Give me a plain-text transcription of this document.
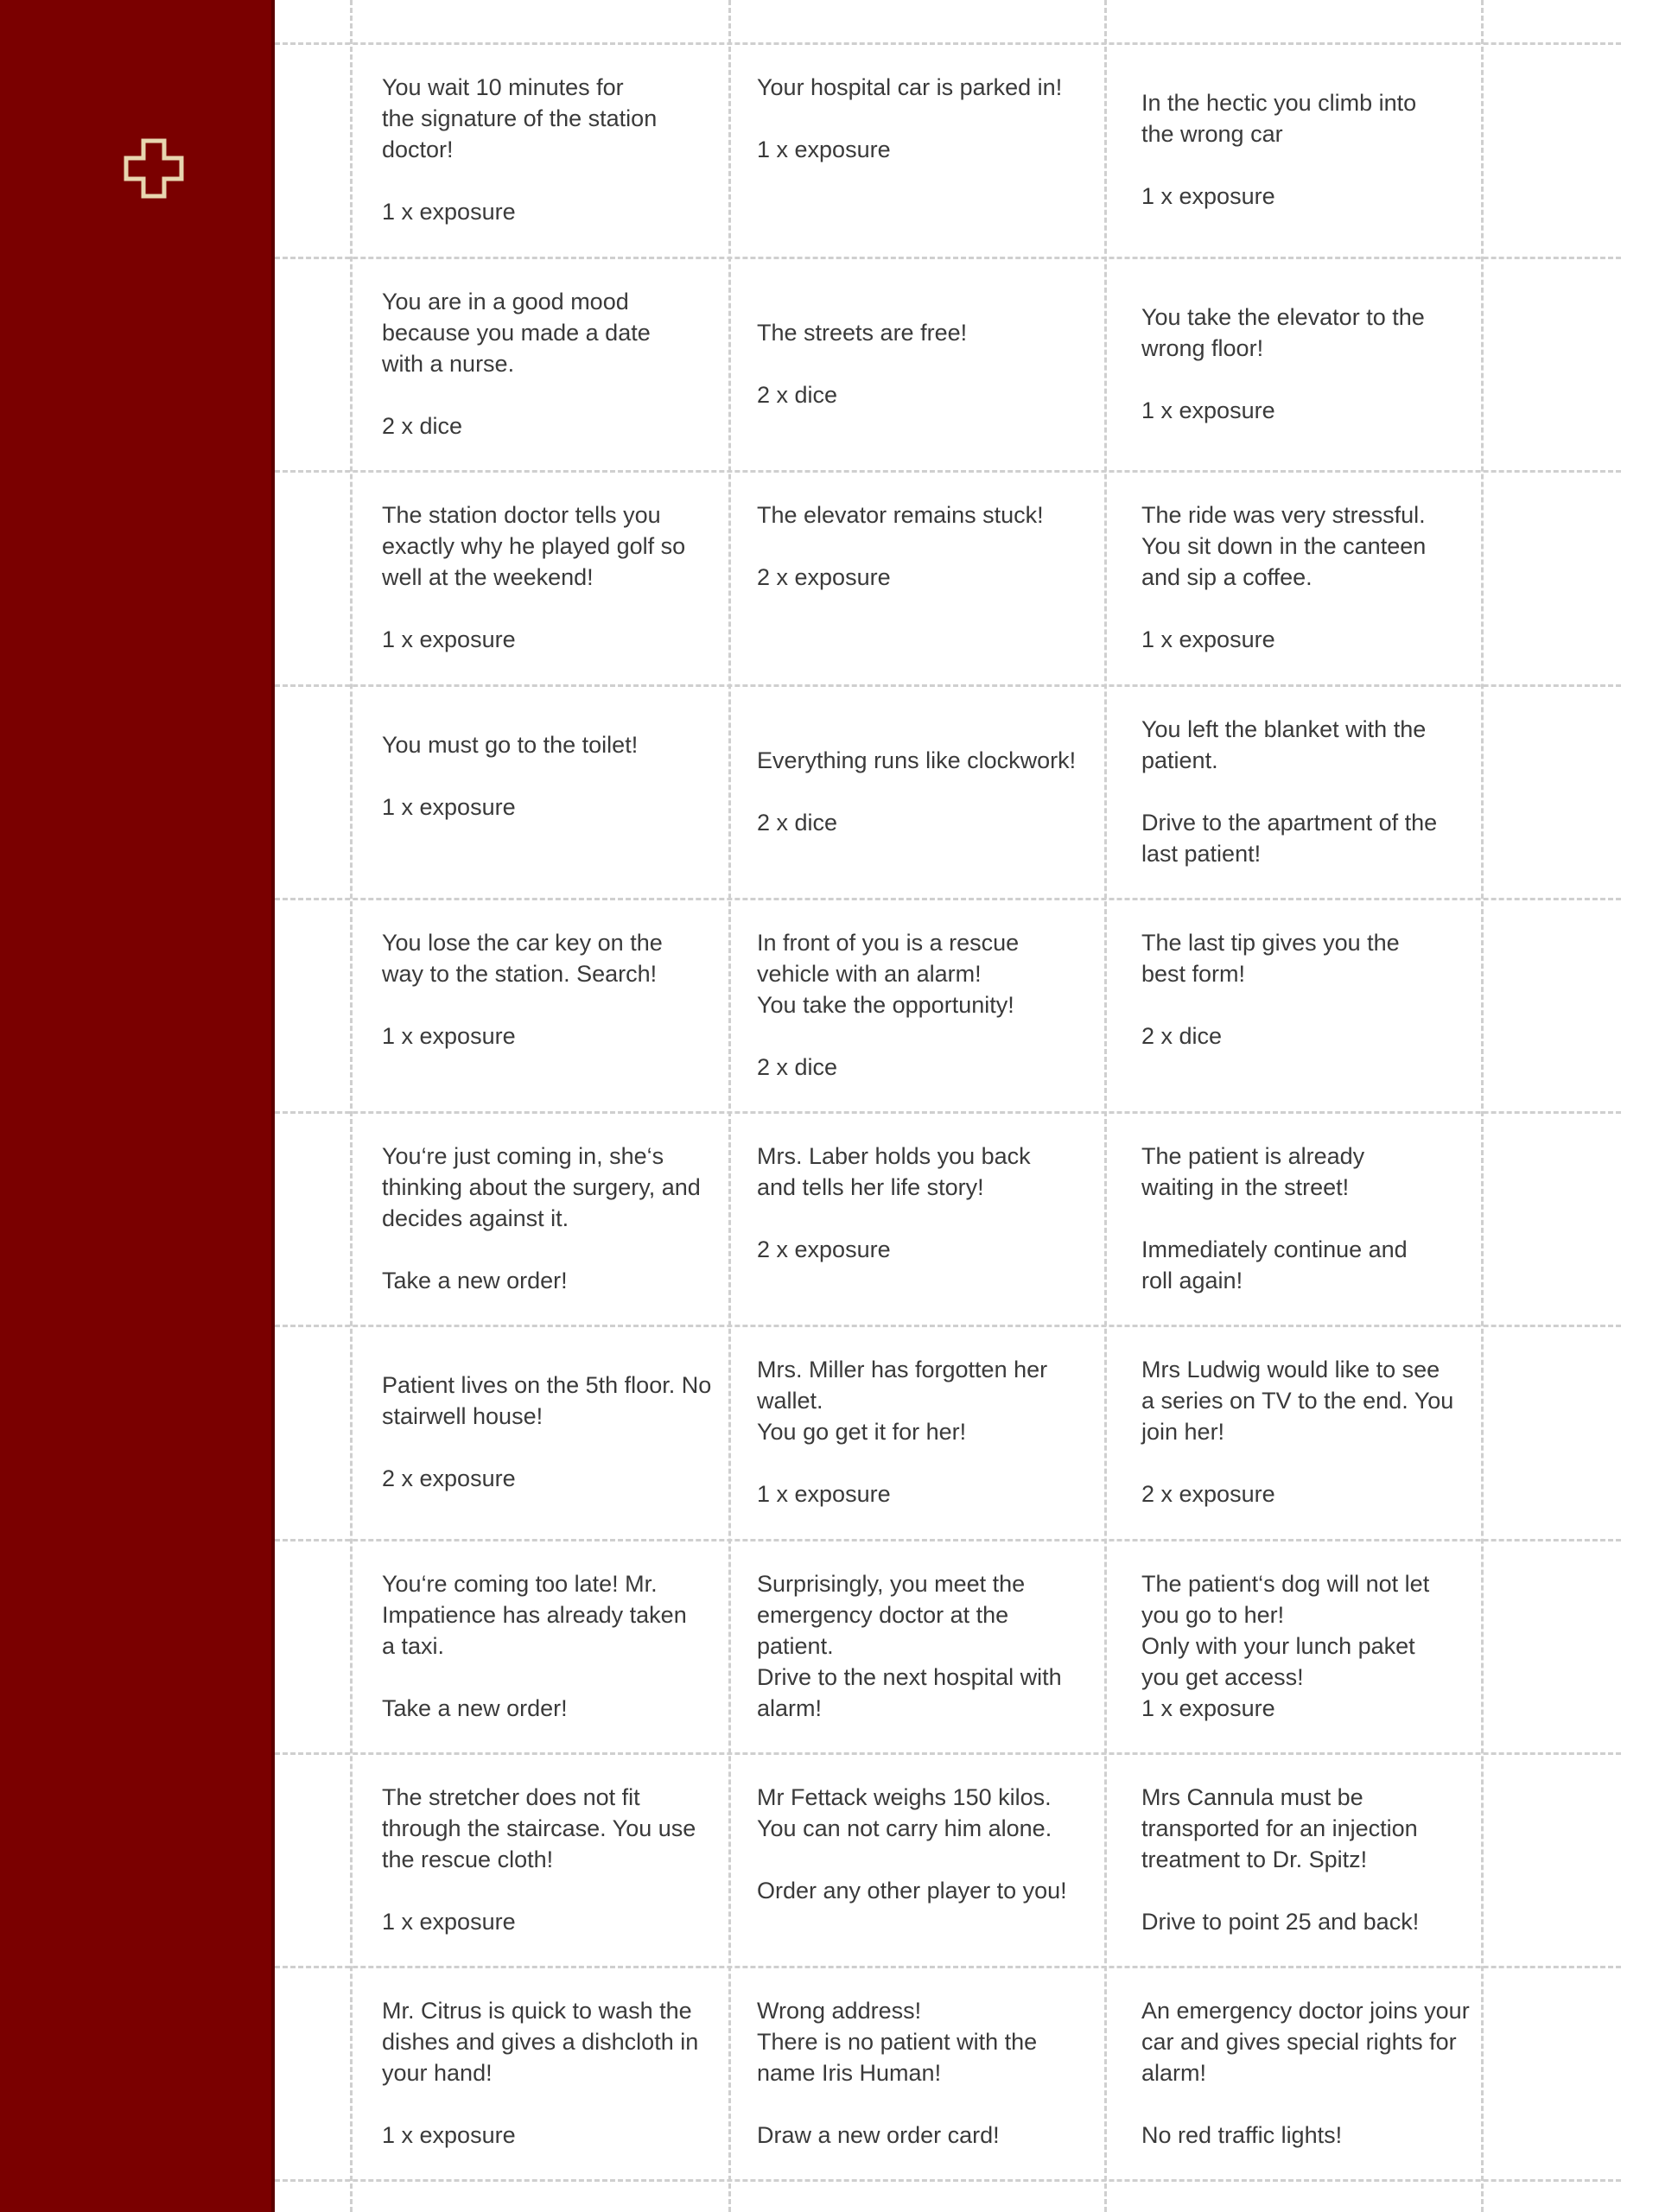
You wait 10 minutes for

the signature of the station

doctor!

1 x exposure

Your hospital car is parked in!

1 x exposure

In the hectic you climb into

the wrong car

1 x exposure

You are in a good mood

because you made a date

with a nurse.

2 x dice

The streets are free!

2 x dice

You take the elevator to the

wrong floor!

1 x exposure

The station doctor tells you

exactly why he played golf so

well at the weekend!

1 x exposure

The elevator remains stuck!

2 x exposure

The ride was very stressful.

You sit down in the canteen

and sip a coffee.

1 x exposure

You must go to the toilet!

1 x exposure

Everything runs like clockwork!

2 x dice

You left the blanket with the

patient.

Drive to the apartment of the

last patient!

You lose the car key on the

way to the station. Search!

1 x exposure

In front of you is a rescue

vehicle with an alarm!

You take the opportunity!

2 x dice

The last tip gives you the

best form!

2 x dice

You‘re just coming in, she‘s

thinking about the surgery, and

decides against it.

Take a new order!

Mrs. Laber holds you back

and tells her life story!

2 x exposure

The patient is already

waiting in the street!

Immediately continue and

roll again!

Patient lives on the 5th floor. No

stairwell house!

2 x exposure

Mrs. Miller has forgotten her

wallet.

You go get it for her!

1 x exposure

Mrs Ludwig would like to see

a series on TV to the end. You

join her!

2 x exposure

You‘re coming too late! Mr.

Impatience has already taken

a taxi.

Take a new order!

Surprisingly, you meet the

emergency doctor at the

patient.

Drive to the next hospital with

alarm!

The patient‘s dog will not let

you go to her!

Only with your lunch paket

you get access!

1 x exposure

The stretcher does not fit

through the staircase. You use

the rescue cloth!

1 x exposure

Mr Fettack weighs 150 kilos.

You can not carry him alone.

Order any other player to you!

Mrs Cannula must be

transported for an injection

treatment to Dr. Spitz!

Drive to point 25 and back!

Mr. Citrus is quick to wash the

dishes and gives a dishcloth in

your hand!

1 x exposure

Wrong address!

There is no patient with the

name Iris Human!

Draw a new order card!

An emergency doctor joins your

car and gives special rights for

alarm!

No red traffic lights!
